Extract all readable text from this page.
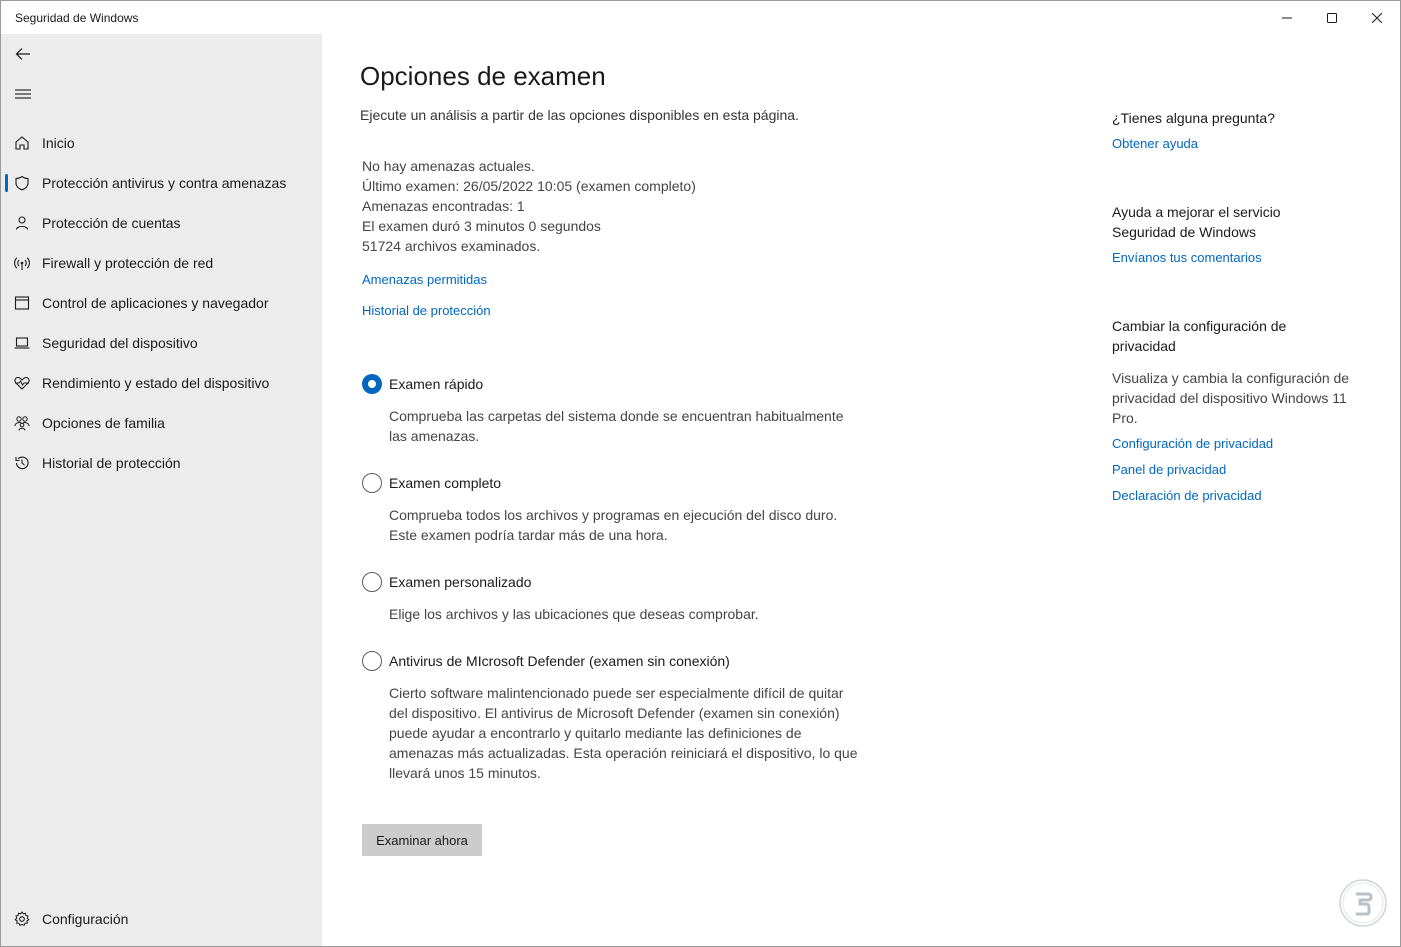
Seguridad de Windows
Inicio
Protección antivirus y contra amenazas
Protección de cuentas
Firewall y protección de red
Control de aplicaciones y navegador
Seguridad del dispositivo
Rendimiento y estado del dispositivo
Opciones de familia
Historial de protección
Configuración
Opciones de examen

Ejecute un análisis a partir de las opciones disponibles en esta página.

No hay amenazas actuales.
Último examen: 26/05/2022 10:05 (examen completo)
Amenazas encontradas: 1
El examen duró 3 minutos 0 segundos
51724 archivos examinados.
Amenazas permitidas
Historial de protección
Examen rápido
Comprueba las carpetas del sistema donde se encuentran habitualmente las amenazas.
Examen completo
Comprueba todos los archivos y programas en ejecución del disco duro. Este examen podría tardar más de una hora.
Examen personalizado
Elige los archivos y las ubicaciones que deseas comprobar.
Antivirus de MIcrosoft Defender (examen sin conexión)
Cierto software malintencionado puede ser especialmente difícil de quitar del dispositivo. El antivirus de Microsoft Defender (examen sin conexión) puede ayudar a encontrarlo y quitarlo mediante las definiciones de amenazas más actualizadas. Esta operación reiniciará el dispositivo, lo que llevará unos 15 minutos.
Examinar ahora
¿Tienes alguna pregunta?
Obtener ayuda
Ayuda a mejorar el servicio Seguridad de Windows
Envíanos tus comentarios
Cambiar la configuración de privacidad
Visualiza y cambia la configuración de privacidad del dispositivo Windows 11 Pro.
Configuración de privacidad
Panel de privacidad
Declaración de privacidad
